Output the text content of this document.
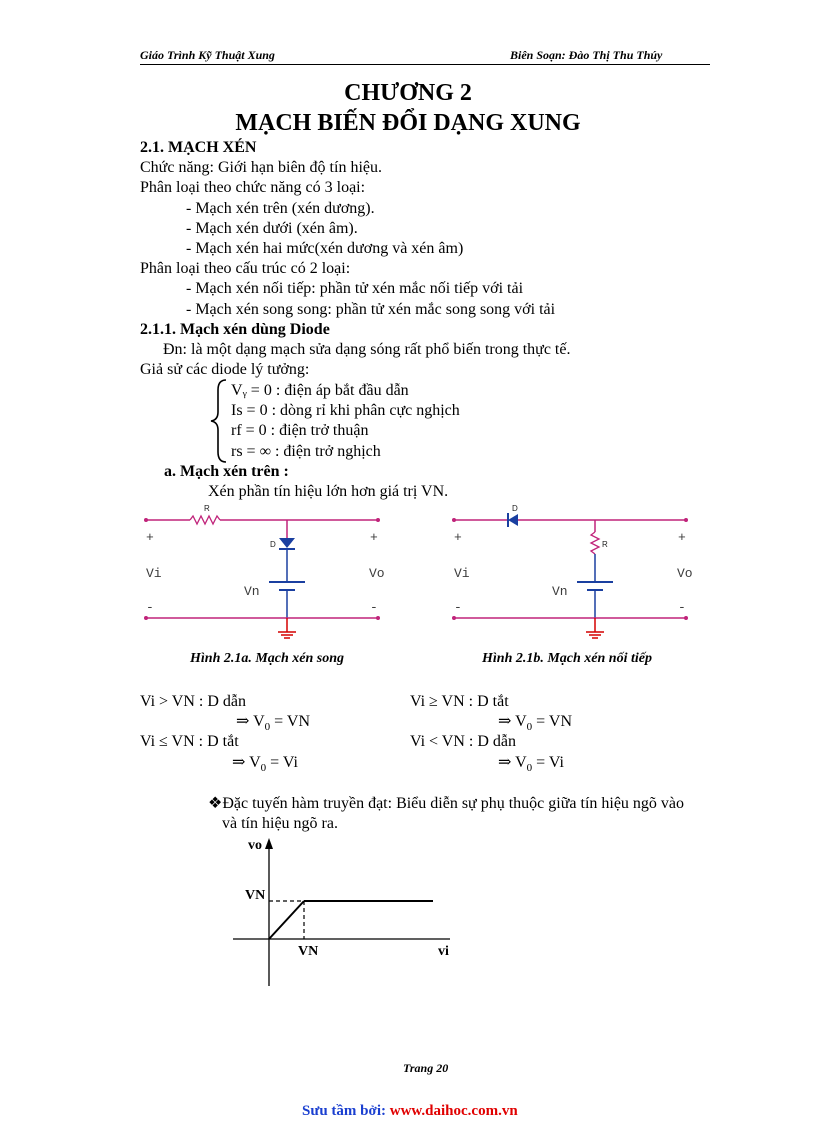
Giáo Trình Kỹ Thuật Xung	Biên Soạn: Đào Thị Thu Thúy
CHƯƠNG 2
MẠCH BIẾN ĐỔI DẠNG XUNG
2.1. MẠCH XÉN
Chức năng: Giới hạn biên độ tín hiệu.
Phân loại theo chức năng có 3 loại:
- Mạch xén trên (xén dương).
- Mạch xén dưới (xén âm).
- Mạch xén hai mức(xén dương và xén âm)
Phân loại theo cấu trúc có 2 loại:
- Mạch xén nối tiếp: phần tử xén mắc nối tiếp với tải
- Mạch xén song song: phần tử xén mắc song song với tải
2.1.1. Mạch xén dùng Diode
Đn: là một dạng mạch sửa dạng sóng rất phổ biến trong thực tế.
Giả sử các diode lý tưởng:
Vᵧ = 0 : điện áp bắt đầu dẫn
Is = 0 : dòng rỉ khi phân cực nghịch
rf = 0 : điện trở thuận
rs = ∞ : điện trở nghịch
a. Mạch xén trên :
Xén phần tín hiệu lớn hơn giá trị VN.
R
D
+	+
Vi	Vo
Vn
-	-
Hình 2.1a. Mạch xén song
D
R
+	+
Vi	Vo
Vn
-	-
Hình 2.1b. Mạch xén nối tiếp
Vi > VN : D dẫn
⇒ $V_0$ = VN
Vi ≤ VN : D tắt
⇒ $V_0 = Vi$
Vi ≥ VN : D tắt
⇒ $V_0$ = VN
Vi < VN : D dẫn
⇒ $V_0 = Vi$
❖Đặc tuyến hàm truyền đạt: Biểu diễn sự phụ thuộc giữa tín hiệu ngõ vào
và tín hiệu ngõ ra.
vo
VN
VN	vi
Trang 20
Sưu tầm bởi: www.daihoc.com.vn
